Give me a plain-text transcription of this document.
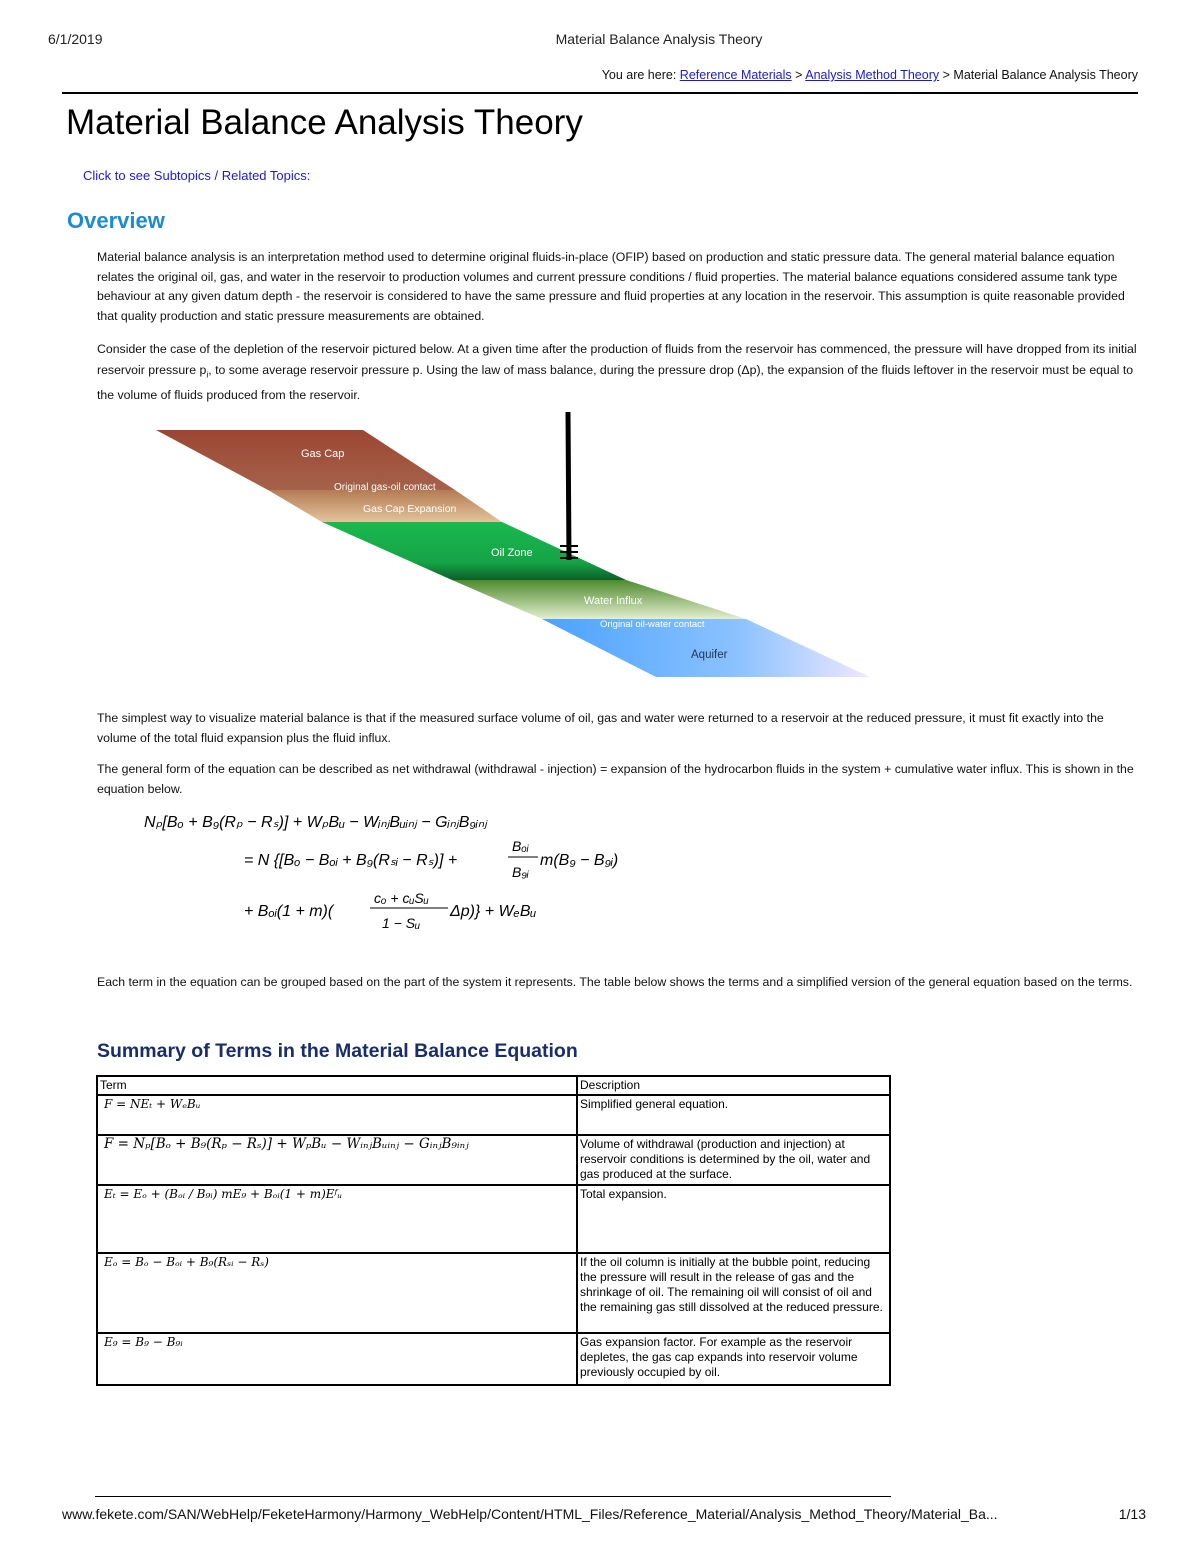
6/1/2019	Material Balance Analysis Theory
You are here: Reference Materials > Analysis Method Theory > Material Balance Analysis Theory
Material Balance Analysis Theory
Click to see Subtopics / Related Topics:
Overview

Material balance analysis is an interpretation method used to determine original fluids-in-place (OFIP) based on production and static pressure data. The general material balance equation relates the original oil, gas, and water in the reservoir to production volumes and current pressure conditions / fluid properties. The material balance equations considered assume tank type behaviour at any given datum depth - the reservoir is considered to have the same pressure and fluid properties at any location in the reservoir. This assumption is quite reasonable provided that quality production and static pressure measurements are obtained.

Consider the case of the depletion of the reservoir pictured below. At a given time after the production of fluids from the reservoir has commenced, the pressure will have dropped from its initial reservoir pressure $p_i$, to some average reservoir pressure p. Using the law of mass balance, during the pressure drop (Δp), the expansion of the fluids leftover in the reservoir must be equal to the volume of fluids produced from the reservoir.

Gas Cap
Original gas-oil contact
Gas Cap Expansion
Oil Zone
Water Influx
Original oil-water contact
Aquifer

The simplest way to visualize material balance is that if the measured surface volume of oil, gas and water were returned to a reservoir at the reduced pressure, it must fit exactly into the volume of the total fluid expansion plus the fluid influx.

The general form of the equation can be described as net withdrawal (withdrawal - injection) = expansion of the hydrocarbon fluids in the system + cumulative water influx. This is shown in the equation below.

Nₚ[Bₒ + B₉(Rₚ − Rₛ)] + WₚBᵤ − WᵢₙⱼBᵤᵢₙⱼ − GᵢₙⱼB₉ᵢₙⱼ
= N {[Bₒ − Bₒᵢ + B₉(Rₛᵢ − Rₛ)] +
Bₒᵢ
B₉ᵢ
m(B₉ − B₉ᵢ)
+ Bₒᵢ(1 + m)(
cₒ + cᵤSᵤ
1 − Sᵤ
Δp)} + WₑBᵤ

Each term in the equation can be grouped based on the part of the system it represents. The table below shows the terms and a simplified version of the general equation based on the terms.

Summary of Terms in the Material Balance Equation
Term	Description
F = NEₜ + WₑBᵤ	Simplified general equation.
F = Nₚ[Bₒ + B₉(Rₚ − Rₛ)] + WₚBᵤ − WᵢₙⱼBᵤᵢₙⱼ − GᵢₙⱼB₉ᵢₙⱼ	Volume of withdrawal (production and injection) at reservoir conditions is determined by the oil, water and gas produced at the surface.
Eₜ = Eₒ + (Bₒᵢ / B₉ᵢ) mE₉ + Bₒᵢ(1 + m)Eᶠᵤ	Total expansion.
Eₒ = Bₒ − Bₒᵢ + B₉(Rₛᵢ − Rₛ)	If the oil column is initially at the bubble point, reducing the pressure will result in the release of gas and the shrinkage of oil. The remaining oil will consist of oil and the remaining gas still dissolved at the reduced pressure.
E₉ = B₉ − B₉ᵢ	Gas expansion factor. For example as the reservoir depletes, the gas cap expands into reservoir volume previously occupied by oil.
www.fekete.com/SAN/WebHelp/FeketeHarmony/Harmony_WebHelp/Content/HTML_Files/Reference_Material/Analysis_Method_Theory/Material_Ba...	1/13
